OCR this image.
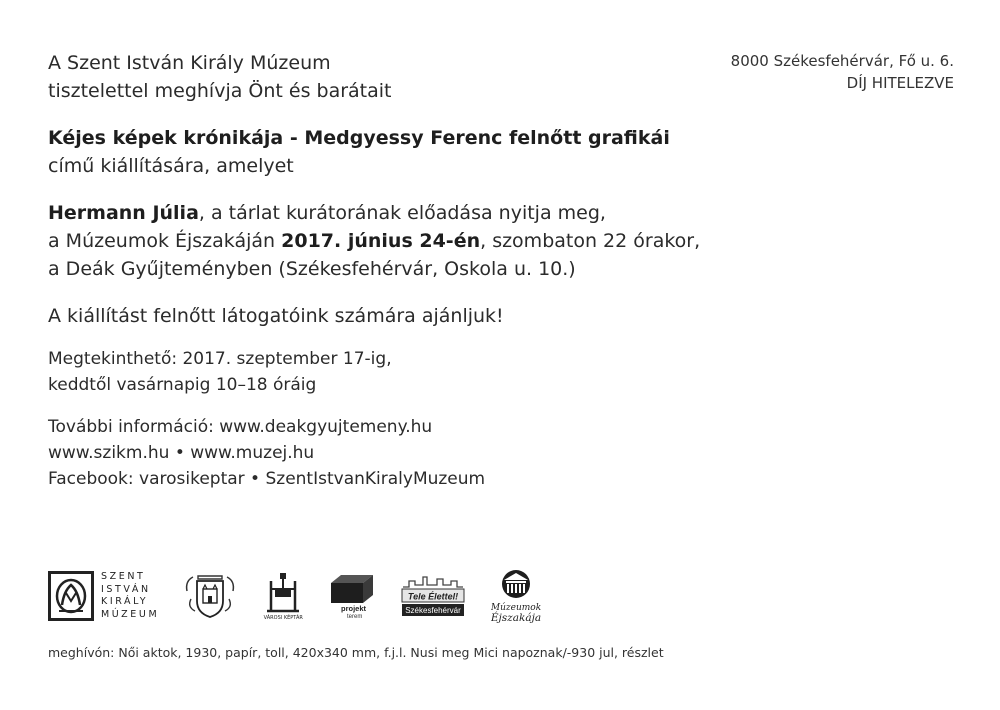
8000 Székesfehérvár, Fő u. 6.
DÍJ HITELEZVE

A Szent István Király Múzeum
tisztelettel meghívja Önt és barátait

Kéjes képek krónikája - Medgyessy Ferenc felnőtt grafikái
című kiállítására, amelyet

Hermann Júlia, a tárlat kurátorának előadása nyitja meg,
a Múzeumok Éjszakáján 2017. június 24-én, szombaton 22 órakor,
a Deák Gyűjteményben (Székesfehérvár, Oskola u. 10.)

A kiállítást felnőtt látogatóink számára ajánljuk!

Megtekinthető: 2017. szeptember 17-ig,
keddtől vasárnapig 10–18 óráig

További információ: www.deakgyujtemeny.hu
www.szikm.hu • www.muzej.hu
Facebook: varosikeptar • SzentIstvanKiralyMuzeum

SZENT
ISTVÁN
KIRÁLY
MÚZEUM	VÁROSI KÉPTÁR
projekt
terem
Tele Élettel!
Székesfehérvár	Múzeumok
Éjszakája
meghívón: Női aktok, 1930, papír, toll, 420x340 mm, f.j.l. Nusi meg Mici napoznak/-930 jul, részlet
